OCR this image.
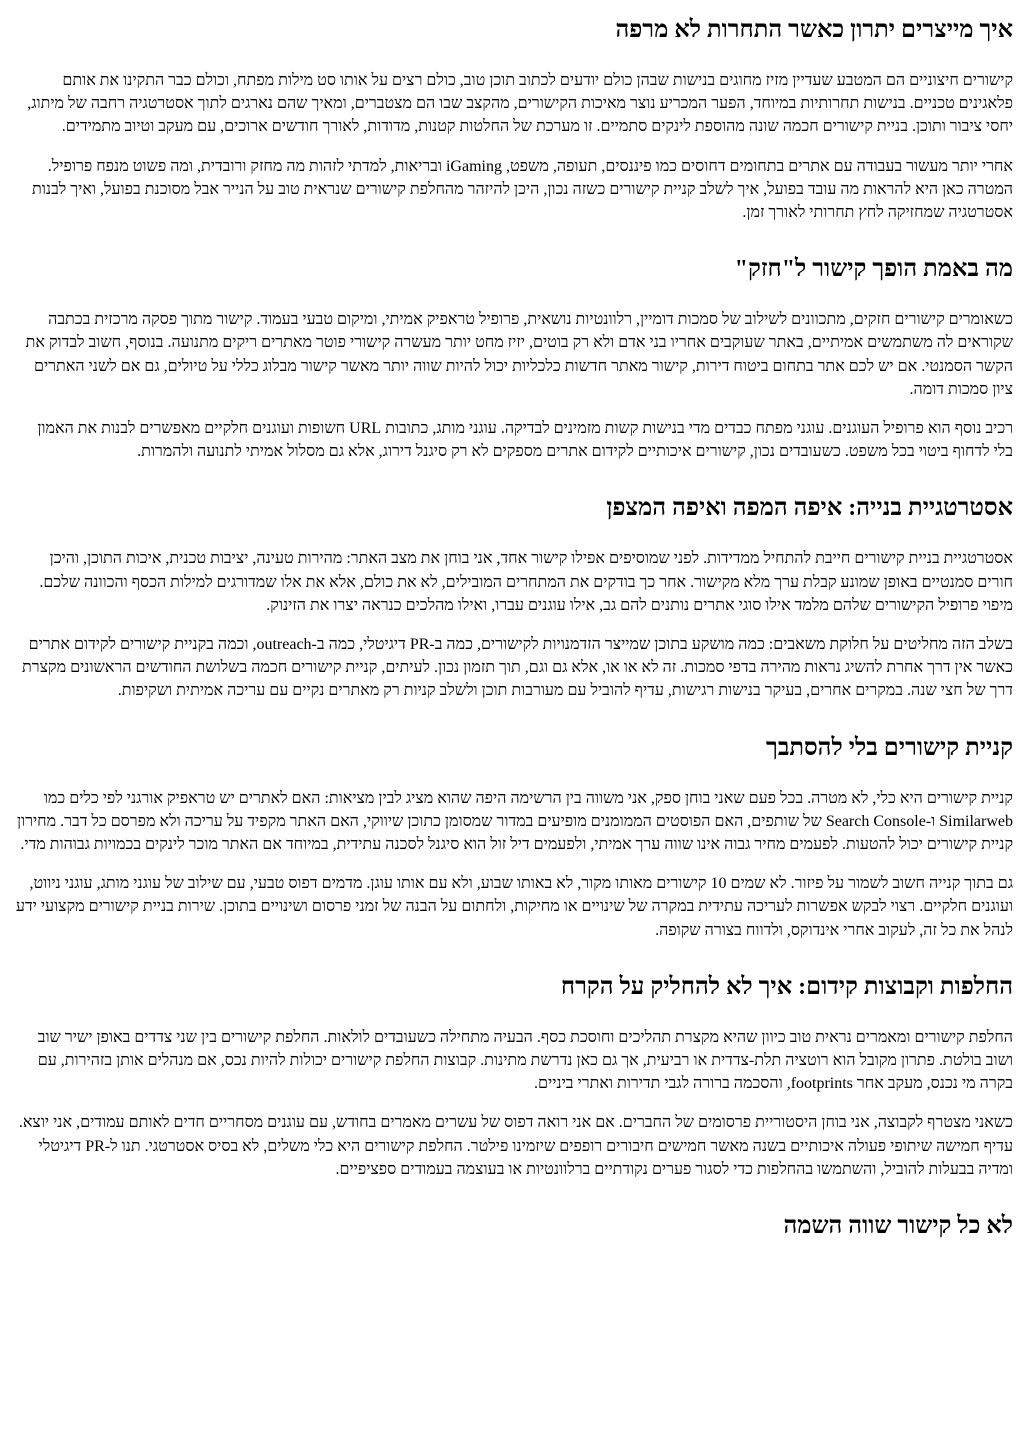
איך מייצרים יתרון כאשר התחרות לא מרפה

קישורים חיצוניים הם המטבע שעדיין מזיז מחוגים בנישות שבהן כולם יודעים לכתוב תוכן טוב, כולם רצים על אותו סט מילות מפתח, וכולם כבר התקינו את אותם פלאגינים טכניים. בנישות תחרותיות במיוחד, הפער המכריע נוצר מאיכות הקישורים, מהקצב שבו הם מצטברים, ומאיך שהם נארגים לתוך אסטרטגיה רחבה של מיתוג, יחסי ציבור ותוכן. בניית קישורים חכמה שונה מהוספת לינקים סתמיים. זו מערכת של החלטות קטנות, מדודות, לאורך חודשים ארוכים, עם מעקב וטיוב מתמידים.

אחרי יותר מעשור בעבודה עם אתרים בתחומים דחוסים כמו פיננסים, תעופה, משפט, iGaming ובריאות, למדתי לזהות מה מחזק ורובדית, ומה פשוט מנפח פרופיל. המטרה כאן היא להראות מה עובד בפועל, איך לשלב קניית קישורים כשזה נכון, היכן להיזהר מהחלפת קישורים שנראית טוב על הנייר אבל מסוכנת בפועל, ואיך לבנות אסטרטגיה שמחזיקה לחץ תחרותי לאורך זמן.

מה באמת הופך קישור ל"חזק"

כשאומרים קישורים חזקים, מתכוונים לשילוב של סמכות דומיין, רלוונטיות נושאית, פרופיל טראפיק אמיתי, ומיקום טבעי בעמוד. קישור מתוך פסקה מרכזית בכתבה שקוראים לה משתמשים אמיתיים, באתר שעוקבים אחריו בני אדם ולא רק בוטים, יזיז מחט יותר מעשרה קישורי פוטר מאתרים ריקים מתנועה. בנוסף, חשוב לבדוק את הקשר הסמנטי. אם יש לכם אתר בתחום ביטוח דירות, קישור מאתר חדשות כלכליות יכול להיות שווה יותר מאשר קישור מבלוג כללי על טיולים, גם אם לשני האתרים ציון סמכות דומה.

רכיב נוסף הוא פרופיל העוגנים. עוגני מפתח כבדים מדי בנישות קשות מזמינים לבדיקה. עוגני מותג, כתובות URL חשופות ועוגנים חלקיים מאפשרים לבנות את האמון בלי לדחוף ביטוי בכל משפט. כשעובדים נכון, קישורים איכותיים לקידום אתרים מספקים לא רק סיגנל דירוג, אלא גם מסלול אמיתי לתנועה ולהמרות.

אסטרטגיית בנייה: איפה המפה ואיפה המצפן

אסטרטגיית בניית קישורים חייבת להתחיל ממדידות. לפני שמוסיפים אפילו קישור אחד, אני בוחן את מצב האתר: מהירות טעינה, יציבות טכנית, איכות התוכן, והיכן חורים סמנטיים באופן שמונע קבלת ערך מלא מקישור. אחר כך בודקים את המתחרים המובילים, לא את כולם, אלא את אלו שמדורגים למילות הכסף והכוונה שלכם. מיפוי פרופיל הקישורים שלהם מלמד אילו סוגי אתרים נותנים להם גב, אילו עוגנים עברו, ואילו מהלכים כנראה יצרו את הזינוק.

בשלב הזה מחליטים על חלוקת משאבים: כמה מושקע בתוכן שמייצר הזדמנויות לקישורים, כמה ב-PR דיגיטלי, כמה ב-outreach, וכמה בקניית קישורים לקידום אתרים כאשר אין דרך אחרת להשיג נראות מהירה בדפי סמכות. זה לא או או, אלא גם וגם, תוך תזמון נכון. לעיתים, קניית קישורים חכמה בשלושת החודשים הראשונים מקצרת דרך של חצי שנה. במקרים אחרים, בעיקר בנישות רגישות, עדיף להוביל עם מעורבות תוכן ולשלב קניות רק מאתרים נקיים עם עריכה אמיתית ושקיפות.

קניית קישורים בלי להסתבך

קניית קישורים היא כלי, לא מטרה. בכל פעם שאני בוחן ספק, אני משווה בין הרשימה היפה שהוא מציג לבין מציאות: האם לאתרים יש טראפיק אורגני לפי כלים כמו Similarweb ו-Search Console של שותפים, האם הפוסטים הממומנים מופיעים במדור שמסומן כתוכן שיווקי, האם האתר מקפיד על עריכה ולא מפרסם כל דבר. מחירון קניית קישורים יכול להטעות. לפעמים מחיר גבוה אינו שווה ערך אמיתי, ולפעמים דיל זול הוא סיגנל לסכנה עתידית, במיוחד אם האתר מוכר לינקים בכמויות גבוהות מדי.

גם בתוך קנייה חשוב לשמור על פיזור. לא שמים 10 קישורים מאותו מקור, לא באותו שבוע, ולא עם אותו עוגן. מדמים דפוס טבעי, עם שילוב של עוגני מותג, עוגני ניווט, ועוגנים חלקיים. רצוי לבקש אפשרות לעריכה עתידית במקרה של שינויים או מחיקות, ולחתום על הבנה של זמני פרסום ושינויים בתוכן. שירות בניית קישורים מקצועי ידע לנהל את כל זה, לעקוב אחרי אינדוקס, ולדווח בצורה שקופה.

החלפות וקבוצות קידום: איך לא להחליק על הקרח

החלפת קישורים ומאמרים נראית טוב כיוון שהיא מקצרת תהליכים וחוסכת כסף. הבעיה מתחילה כשעובדים לולאות. החלפת קישורים בין שני צדדים באופן ישיר שוב ושוב בולטת. פתרון מקובל הוא רוטציה תלת-צדדית או רביעית, אך גם כאן נדרשת מתינות. קבוצות החלפת קישורים יכולות להיות נכס, אם מנהלים אותן בזהירות, עם בקרה מי נכנס, מעקב אחר footprints, והסכמה ברורה לגבי תדירות ואתרי ביניים.

כשאני מצטרף לקבוצה, אני בוחן היסטוריית פרסומים של החברים. אם אני רואה דפוס של עשרים מאמרים בחודש, עם עוגנים מסחריים חדים לאותם עמודים, אני יוצא. עדיף חמישה שיתופי פעולה איכותיים בשנה מאשר חמישים חיבורים רופפים שיזמינו פילטר. החלפת קישורים היא כלי משלים, לא בסיס אסטרטגי. תנו ל-PR דיגיטלי ומדיה בבעלות להוביל, והשתמשו בהחלפות כדי לסגור פערים נקודתיים ברלוונטיות או בעוצמה בעמודים ספציפיים.

לא כל קישור שווה השמה
